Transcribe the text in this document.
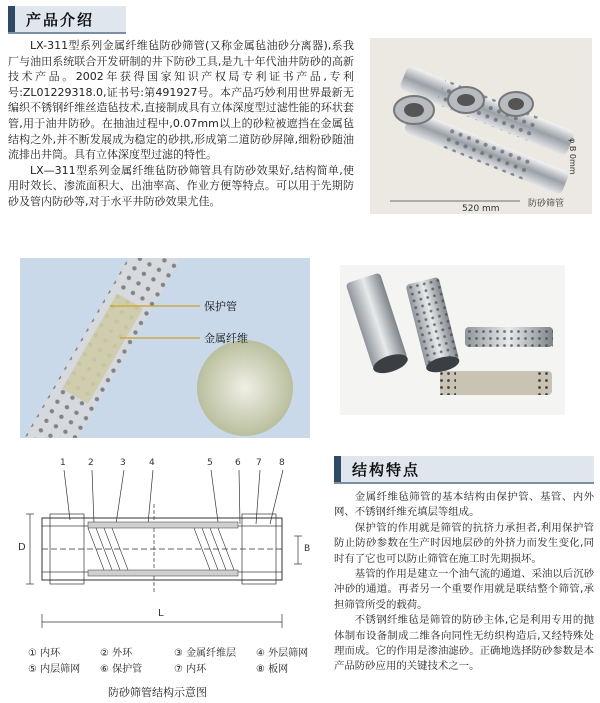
产品介绍

LX-311型系列金属纤维毡防砂筛管(又称金属毡油砂分离器),系我厂与油田系统联合开发研制的井下防砂工具,是九十年代油井防砂的高新技术产品。2002年获得国家知识产权局专利证书产品,专利号:ZL01229318.0,证书号:第491927号。本产品巧妙利用世界最新无编织不锈钢纤维丝造毡技术,直接制成具有立体深度型过滤性能的环状套管,用于油井防砂。在抽油过程中,0.07mm以上的砂粒被遮挡在金属毡结构之外,并不断发展成为稳定的砂拱,形成第二道防砂屏障,细粉砂随油流排出井筒。具有立体深度型过滤的特性。

LX—311型系列金属纤维毡防砂筛管具有防砂效果好,结构简单,使用时效长、渗流面积大、出油率高、作业方便等特点。可以用于先期防砂及管内防砂等,对于水平井防砂效果尤佳。

520 mm	防砂筛管
φ B 0mm
保护管
金属纤维
1 2	3	4	5 6 7 8
D	B
L
① 内环	② 外环	③ 金属纤维层 ④ 外层筛网
⑤ 内层筛网 ⑥ 保护管	⑦ 内环	⑧ 板网
防砂筛管结构示意图
结构特点

金属纤维毡筛管的基本结构由保护管、基管、内外网、不锈钢纤维充填层等组成。

保护管的作用就是筛管的抗挤力承担者,利用保护管防止防砂参数在生产时因地层砂的外挤力而发生变化,同时有了它也可以防止筛管在施工时先期损坏。

基管的作用是建立一个油气流的通道、采油以后沉砂冲砂的通道。再者另一个重要作用就是联结整个筛管,承担筛管所受的载荷。

不锈钢纤维毡是筛管的防砂主体,它是利用专用的抛体制布设备制成二维各向同性无纺织构造后,又经特殊处理而成。它的作用是渗油滤砂。正确地选择防砂参数是本产品防砂应用的关键技术之一。
